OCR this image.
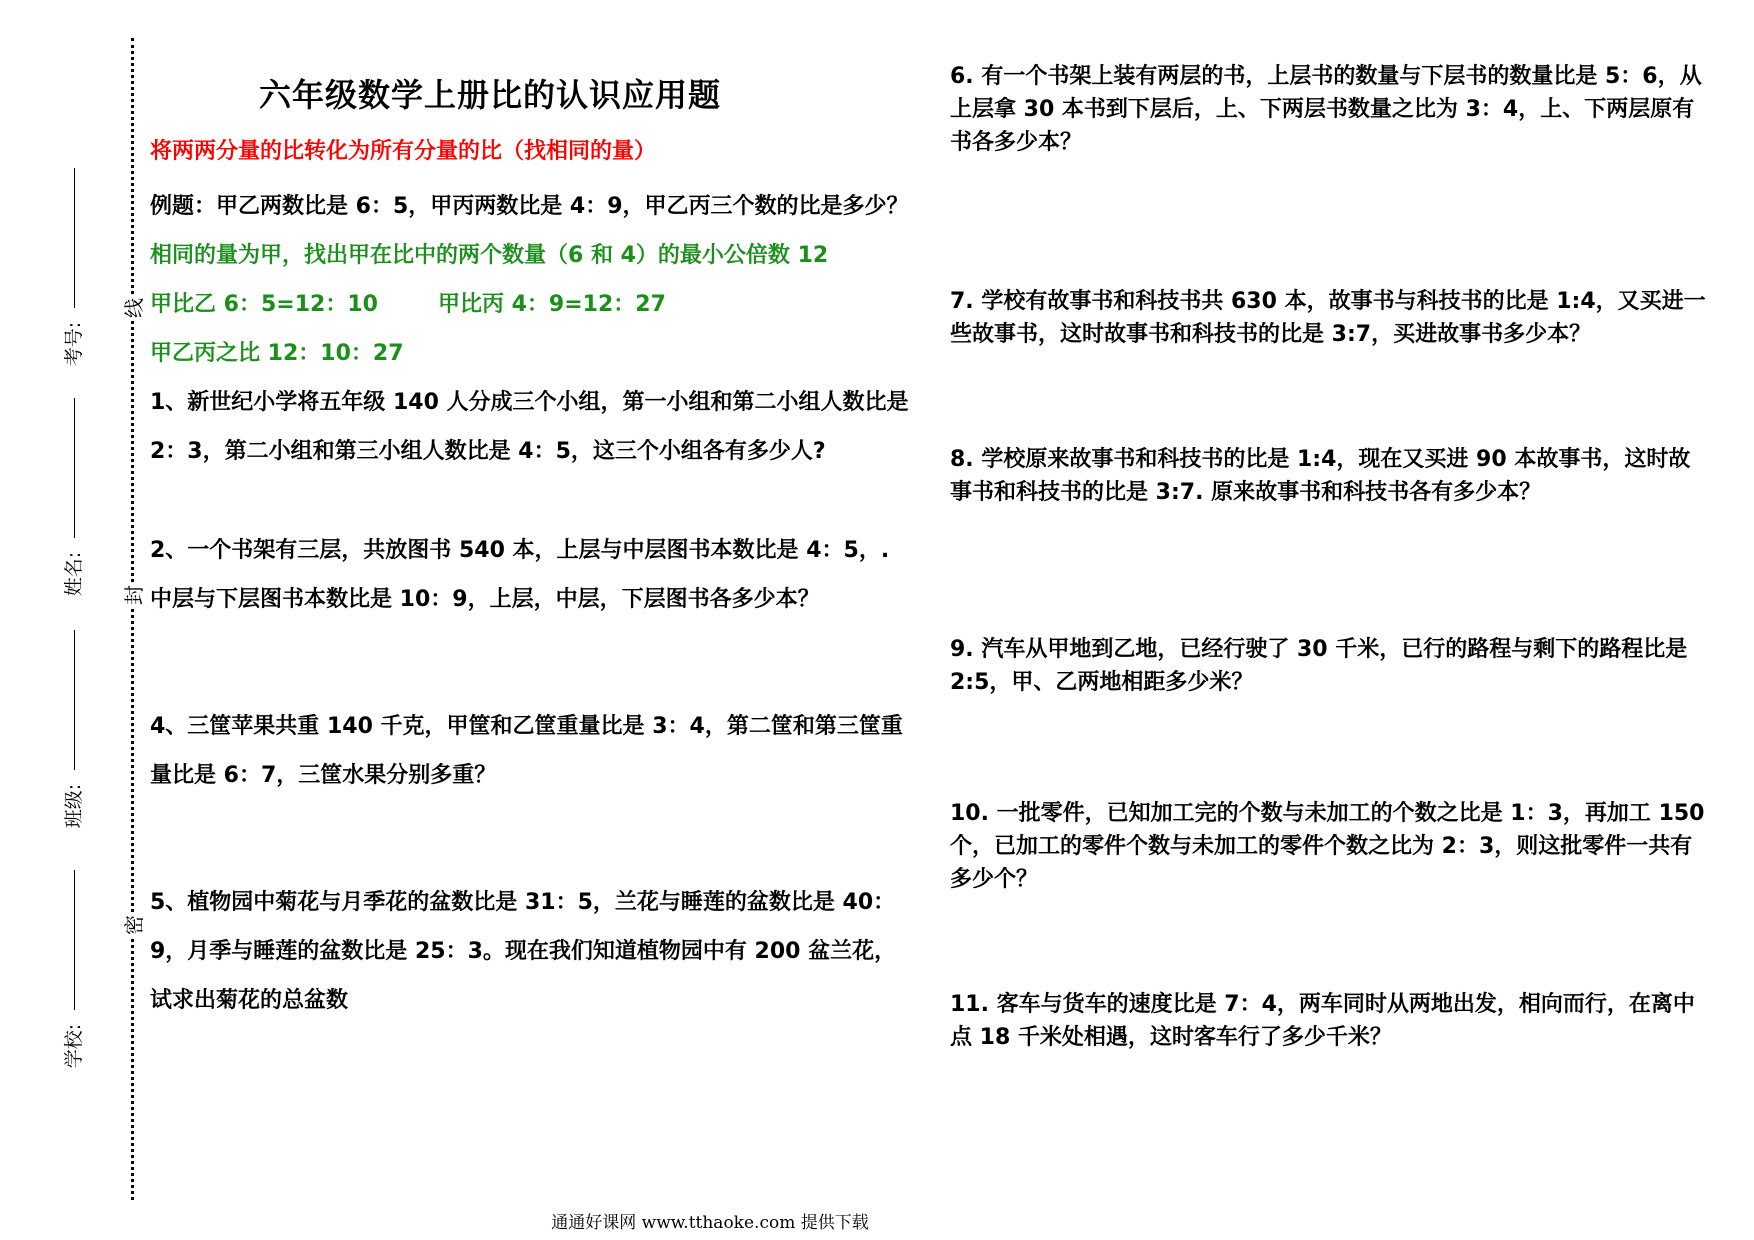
考号:
姓名:
班级:
学校:
线
封
密
六年级数学上册比的认识应用题

将两两分量的比转化为所有分量的比（找相同的量）

例题：甲乙两数比是 6：5，甲丙两数比是 4：9，甲乙丙三个数的比是多少？

相同的量为甲，找出甲在比中的两个数量（6 和 4）的最小公倍数 12

甲比乙 6：5=12：10	甲比丙 4：9=12：27

甲乙丙之比 12：10：27

1、新世纪小学将五年级 140 人分成三个小组，第一小组和第二小组人数比是 2：3，第二小组和第三小组人数比是 4：5，这三个小组各有多少人?

2、一个书架有三层，共放图书 540 本，上层与中层图书本数比是 4：5，. 中层与下层图书本数比是 10：9，上层，中层，下层图书各多少本？

4、三筐苹果共重 140 千克，甲筐和乙筐重量比是 3：4，第二筐和第三筐重量比是 6：7，三筐水果分别多重？

5、植物园中菊花与月季花的盆数比是 31：5，兰花与睡莲的盆数比是 40：9，月季与睡莲的盆数比是 25：3。现在我们知道植物园中有 200 盆兰花，试求出菊花的总盆数

6. 有一个书架上装有两层的书，上层书的数量与下层书的数量比是 5：6，从上层拿 30 本书到下层后，上、下两层书数量之比为 3：4，上、下两层原有书各多少本？

7. 学校有故事书和科技书共 630 本，故事书与科技书的比是 1:4，又买进一些故事书，这时故事书和科技书的比是 3:7，买进故事书多少本？

8. 学校原来故事书和科技书的比是 1:4，现在又买进 90 本故事书，这时故事书和科技书的比是 3:7. 原来故事书和科技书各有多少本？

9. 汽车从甲地到乙地，已经行驶了 30 千米，已行的路程与剩下的路程比是 2:5，甲、乙两地相距多少米？

10. 一批零件，已知加工完的个数与未加工的个数之比是 1：3，再加工 150 个，已加工的零件个数与未加工的零件个数之比为 2：3，则这批零件一共有多少个？

11. 客车与货车的速度比是 7：4，两车同时从两地出发，相向而行，在离中点 18 千米处相遇，这时客车行了多少千米？

通通好课网 www.tthaoke.com 提供下载
